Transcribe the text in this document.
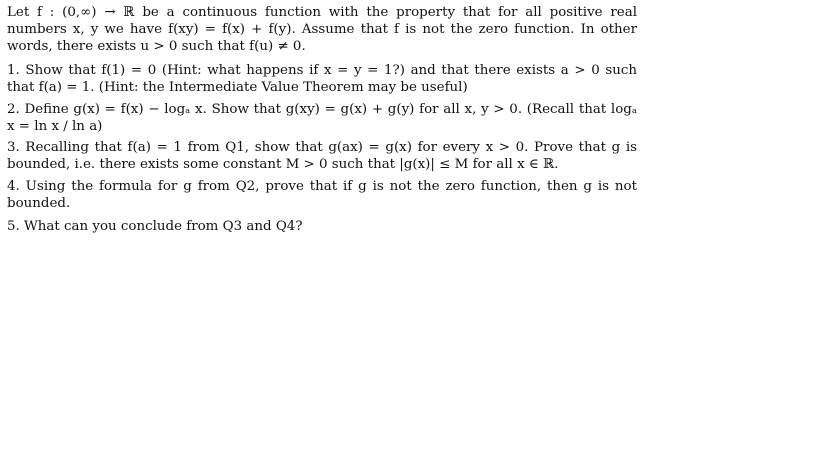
Let f : (0,∞) → ℝ be a continuous function with the property that for all positive real numbers x, y we have f(xy) = f(x) + f(y). Assume that f is not the zero function. In other words, there exists u > 0 such that f(u) ≠ 0.

1. Show that f(1) = 0 (Hint: what happens if x = y = 1?) and that there exists a > 0 such that f(a) = 1. (Hint: the Intermediate Value Theorem may be useful)

2. Define g(x) = f(x) − logₐ x. Show that g(xy) = g(x) + g(y) for all x, y > 0. (Recall that logₐ x = ln x / ln a)

3. Recalling that f(a) = 1 from Q1, show that g(ax) = g(x) for every x > 0. Prove that g is bounded, i.e. there exists some constant M > 0 such that |g(x)| ≤ M for all x ∈ ℝ.

4. Using the formula for g from Q2, prove that if g is not the zero function, then g is not bounded.

5. What can you conclude from Q3 and Q4?
